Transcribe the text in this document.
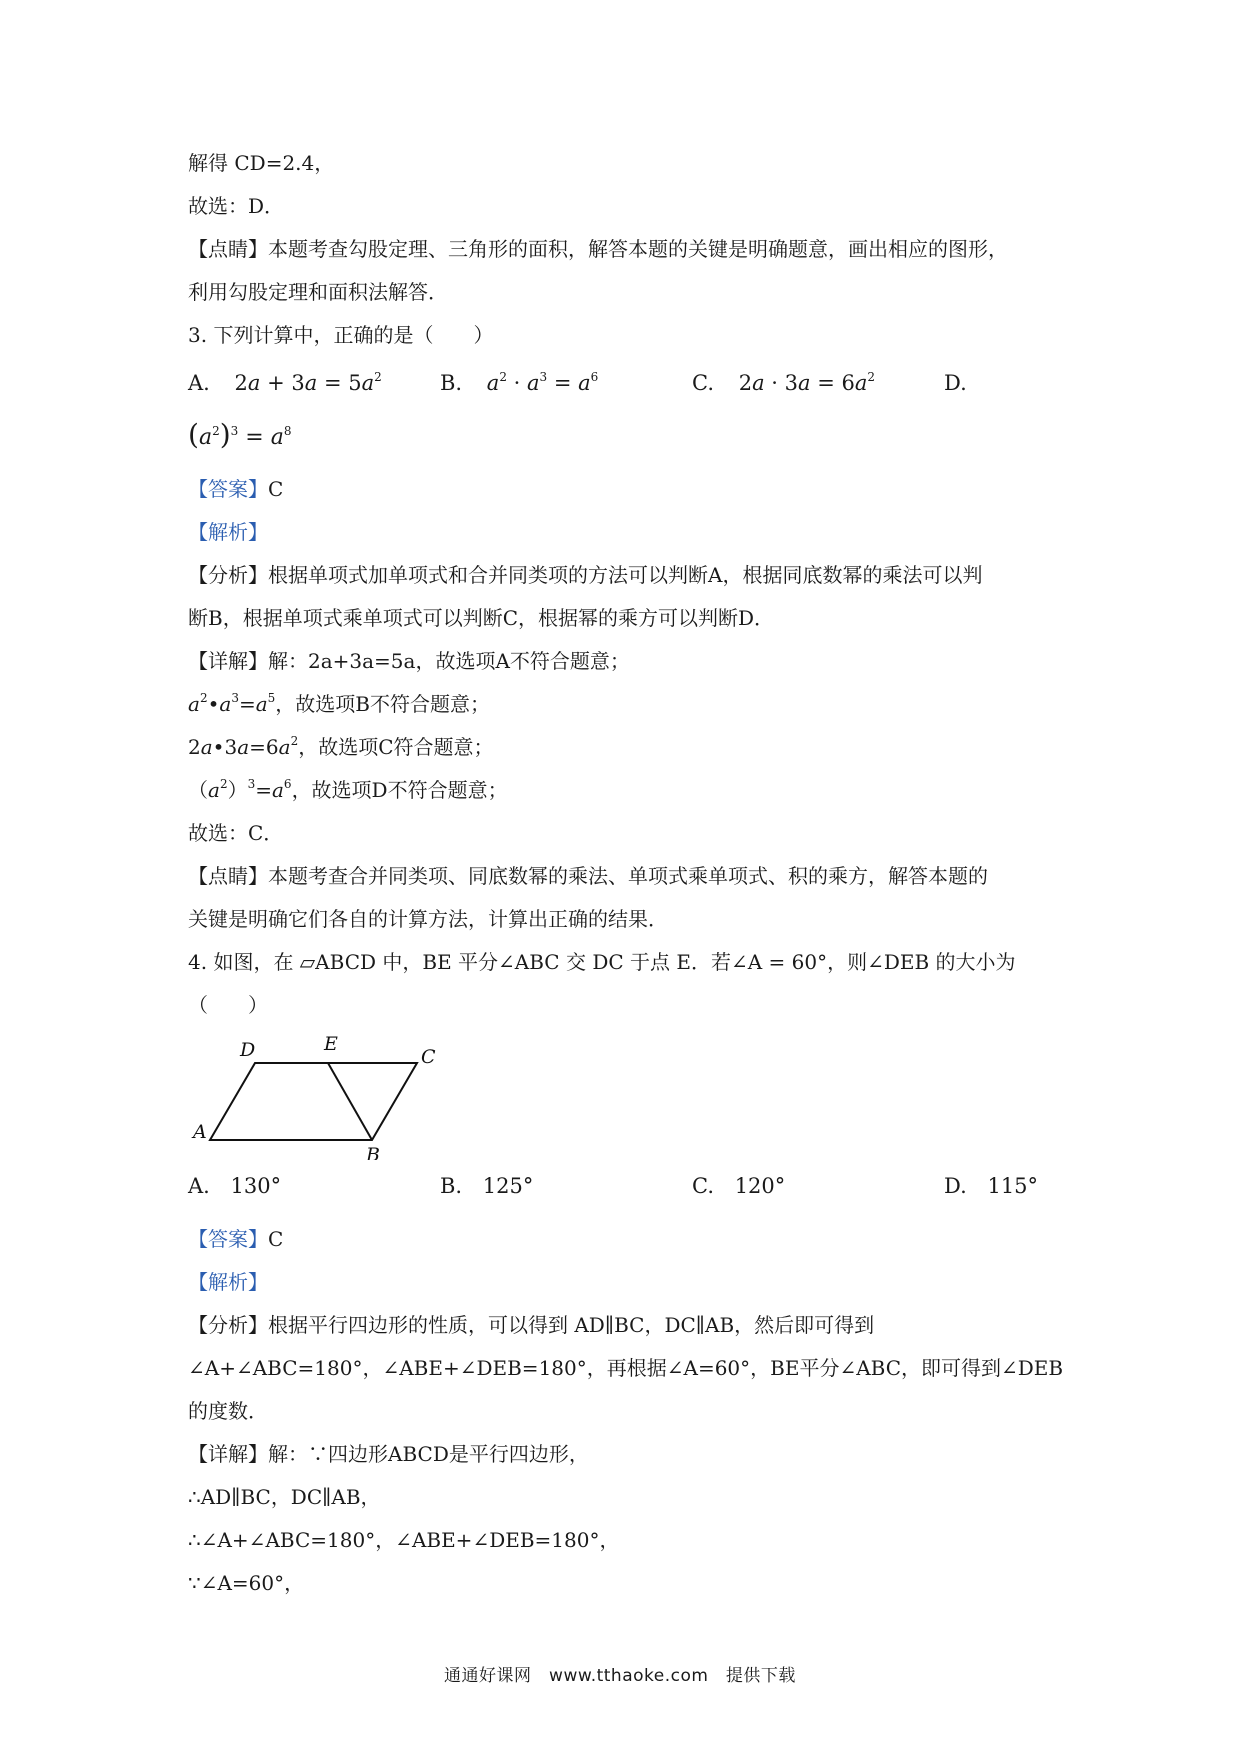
解得 CD=2.4，
故选：D．
【点睛】本题考查勾股定理、三角形的面积，解答本题的关键是明确题意，画出相应的图形，
利用勾股定理和面积法解答．
3. 下列计算中，正确的是（　　）
A. $2a + 3a = 5a^2$	B. $a^2 \cdot a^3 = a^6$	C. $2a \cdot 3a = 6a^2$	D.
$(a^2)^3 = a^8$
【答案】C
【解析】
【分析】根据单项式加单项式和合并同类项的方法可以判断A，根据同底数幂的乘法可以判
断B，根据单项式乘单项式可以判断C，根据幂的乘方可以判断D．
【详解】解：2a+3a=5a，故选项A不符合题意；
$a^2•a^3=a^5$，故选项B不符合题意；
$2a•3a=6a^2$，故选项C符合题意；
$(a^2)^3=a^6$，故选项D不符合题意；
故选：C．
【点睛】本题考查合并同类项、同底数幂的乘法、单项式乘单项式、积的乘方，解答本题的
关键是明确它们各自的计算方法，计算出正确的结果．
4. 如图，在 ▱ABCD 中，BE 平分∠ABC 交 DC 于点 E．若∠A = 60°，则∠DEB 的大小为
（　　）
D	E
C
A
B
A. 130°	B. 125°	C. 120°	D. 115°
【答案】C
【解析】
【分析】根据平行四边形的性质，可以得到 AD∥BC，DC∥AB，然后即可得到
∠A+∠ABC=180°，∠ABE+∠DEB=180°，再根据∠A=60°，BE平分∠ABC，即可得到∠DEB
的度数．
【详解】解：∵四边形ABCD是平行四边形，
∴AD∥BC，DC∥AB，
∴∠A+∠ABC=180°，∠ABE+∠DEB=180°，
∵∠A=60°，
通通好课网　www.tthaoke.com　提供下载
